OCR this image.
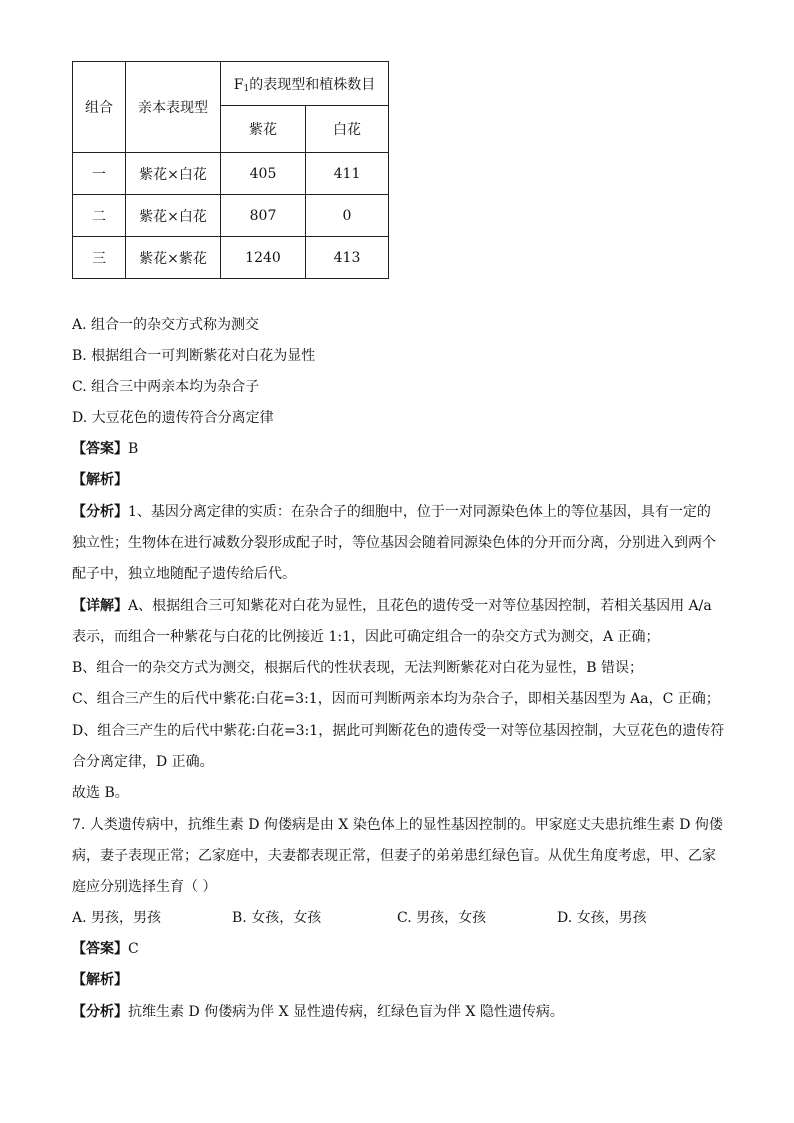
组合	亲本表现型	$F_1$的表现型和植株数目	
		紫花	白花
一	紫花×白花	405	411
二	紫花×白花	807	0
三	紫花×紫花	1240	413
A. 组合一的杂交方式称为测交
B. 根据组合一可判断紫花对白花为显性
C. 组合三中两亲本均为杂合子
D. 大豆花色的遗传符合分离定律
【答案】B
【解析】
【分析】1、基因分离定律的实质：在杂合子的细胞中，位于一对同源染色体上的等位基因，具有一定的
独立性；生物体在进行减数分裂形成配子时，等位基因会随着同源染色体的分开而分离，分别进入到两个
配子中，独立地随配子遗传给后代。
【详解】A、根据组合三可知紫花对白花为显性，且花色的遗传受一对等位基因控制，若相关基因用 A/a
表示，而组合一种紫花与白花的比例接近 1:1，因此可确定组合一的杂交方式为测交，A 正确；
B、组合一的杂交方式为测交，根据后代的性状表现，无法判断紫花对白花为显性，B 错误；
C、组合三产生的后代中紫花:白花=3:1，因而可判断两亲本均为杂合子，即相关基因型为 Aa，C 正确；
D、组合三产生的后代中紫花:白花=3:1，据此可判断花色的遗传受一对等位基因控制，大豆花色的遗传符
合分离定律，D 正确。
故选 B。
7. 人类遗传病中，抗维生素 D 佝偻病是由 X 染色体上的显性基因控制的。甲家庭丈夫患抗维生素 D 佝偻
病，妻子表现正常；乙家庭中，夫妻都表现正常，但妻子的弟弟患红绿色盲。从优生角度考虑，甲、乙家
庭应分别选择生育（ ）
A. 男孩，男孩	B. 女孩，女孩	C. 男孩，女孩	D. 女孩，男孩
【答案】C
【解析】
【分析】抗维生素 D 佝偻病为伴 X 显性遗传病，红绿色盲为伴 X 隐性遗传病。
